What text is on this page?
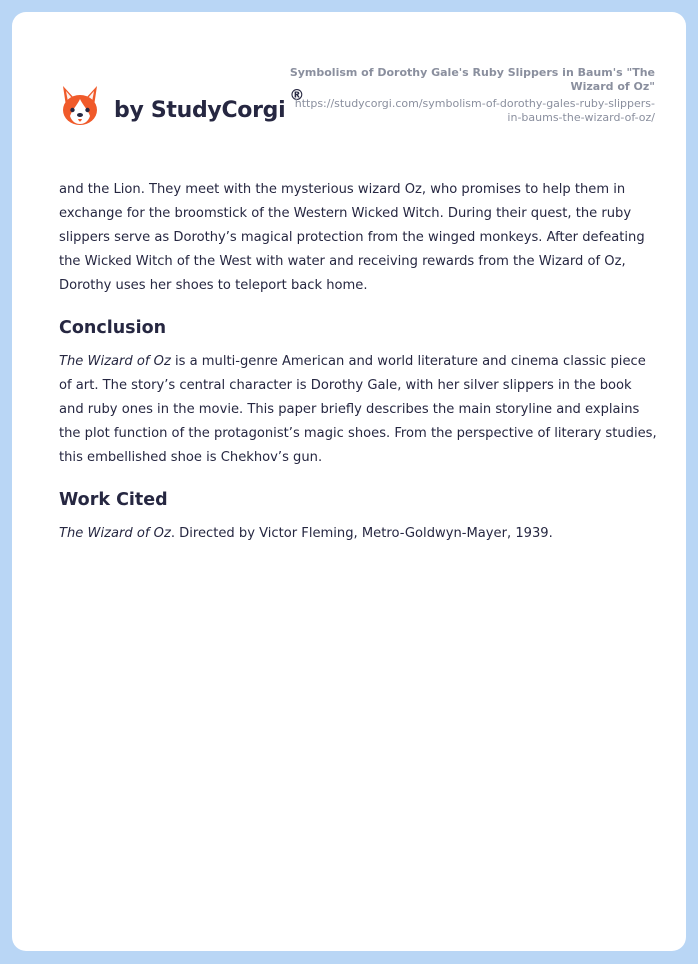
by StudyCorgi
®
Symbolism of Dorothy Gale's Ruby Slippers in Baum's "The Wizard of Oz"
https://studycorgi.com/symbolism-of-dorothy-gales-ruby-slippers-in-baums-the-wizard-of-oz/

and the Lion. They meet with the mysterious wizard Oz, who promises to help them in exchange for the broomstick of the Western Wicked Witch. During their quest, the ruby slippers serve as Dorothy’s magical protection from the winged monkeys. After defeating the Wicked Witch of the West with water and receiving rewards from the Wizard of Oz, Dorothy uses her shoes to teleport back home.

Conclusion

The Wizard of Oz is a multi-genre American and world literature and cinema classic piece of art. The story’s central character is Dorothy Gale, with her silver slippers in the book and ruby ones in the movie. This paper briefly describes the main storyline and explains the plot function of the protagonist’s magic shoes. From the perspective of literary studies, this embellished shoe is Chekhov’s gun.

Work Cited

The Wizard of Oz. Directed by Victor Fleming, Metro-Goldwyn-Mayer, 1939.
